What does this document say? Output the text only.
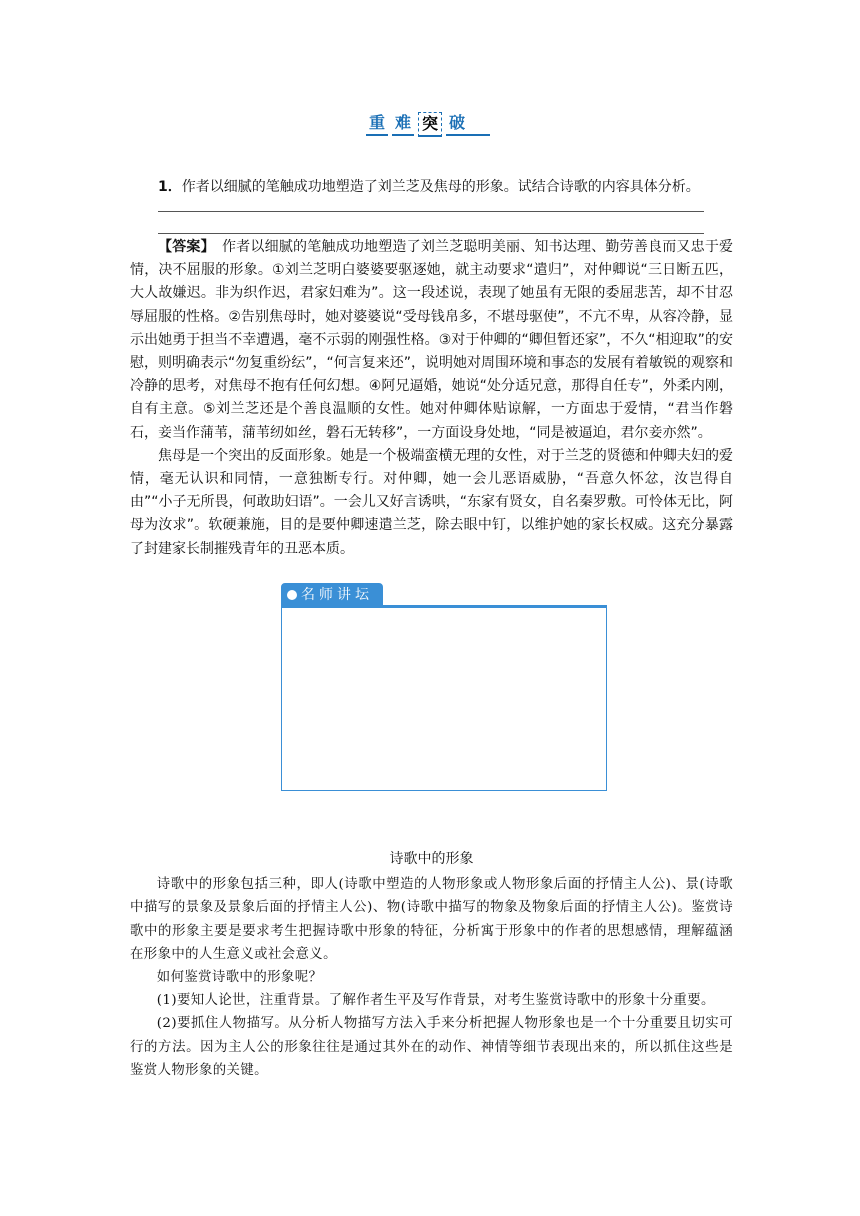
重 难 突 破
1．作者以细腻的笔触成功地塑造了刘兰芝及焦母的形象。试结合诗歌的内容具体分析。

【答案】　 作者以细腻的笔触成功地塑造了刘兰芝聪明美丽、知书达理、勤劳善良而又忠于爱情，决不屈服的形象。①刘兰芝明白婆婆要驱逐她，就主动要求“遣归”，对仲卿说“三日断五匹，大人故嫌迟。非为织作迟，君家妇难为”。这一段述说，表现了她虽有无限的委屈悲苦，却不甘忍辱屈服的性格。②告别焦母时，她对婆婆说“受母钱帛多，不堪母驱使”，不亢不卑，从容冷静，显示出她勇于担当不幸遭遇，毫不示弱的刚强性格。③对于仲卿的“卿但暂还家”，不久“相迎取”的安慰，则明确表示“勿复重纷纭”，“何言复来还”，说明她对周围环境和事态的发展有着敏锐的观察和冷静的思考，对焦母不抱有任何幻想。④阿兄逼婚，她说“处分适兄意，那得自任专”，外柔内刚，自有主意。⑤刘兰芝还是个善良温顺的女性。她对仲卿体贴谅解，一方面忠于爱情，“君当作磐石，妾当作蒲苇，蒲苇纫如丝，磐石无转移”，一方面设身处地，“同是被逼迫，君尔妾亦然”。

焦母是一个突出的反面形象。她是一个极端蛮横无理的女性，对于兰芝的贤德和仲卿夫妇的爱情，毫无认识和同情，一意独断专行。对仲卿，她一会儿恶语威胁，“吾意久怀忿，汝岂得自由”“小子无所畏，何敢助妇语”。一会儿又好言诱哄，“东家有贤女，自名秦罗敷。可怜体无比，阿母为汝求”。软硬兼施，目的是要仲卿速遣兰芝，除去眼中钉，以维护她的家长权威。这充分暴露了封建家长制摧残青年的丑恶本质。

名师讲坛
诗歌中的形象

诗歌中的形象包括三种，即人(诗歌中塑造的人物形象或人物形象后面的抒情主人公)、景(诗歌中描写的景象及景象后面的抒情主人公)、物(诗歌中描写的物象及物象后面的抒情主人公)。鉴赏诗歌中的形象主要是要求考生把握诗歌中形象的特征，分析寓于形象中的作者的思想感情，理解蕴涵在形象中的人生意义或社会意义。

如何鉴赏诗歌中的形象呢？

(1)要知人论世，注重背景。了解作者生平及写作背景，对考生鉴赏诗歌中的形象十分重要。

(2)要抓住人物描写。从分析人物描写方法入手来分析把握人物形象也是一个十分重要且切实可行的方法。因为主人公的形象往往是通过其外在的动作、神情等细节表现出来的，所以抓住这些是鉴赏人物形象的关键。
